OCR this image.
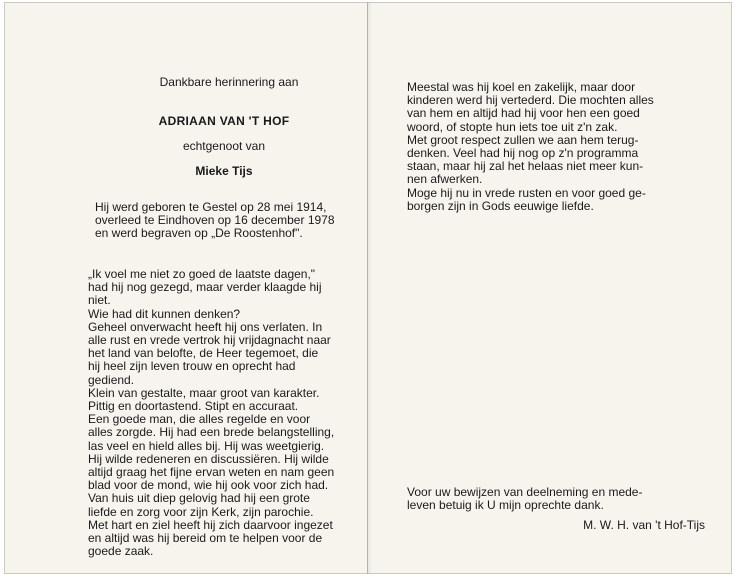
Dankbare herinnering aan
ADRIAAN VAN 'T HOF
echtgenoot van
Mieke Tijs
Hij werd geboren te Gestel op 28 mei 1914,
overleed te Eindhoven op 16 december 1978
en werd begraven op „De Roostenhof".
„Ik voel me niet zo goed de laatste dagen,"
had hij nog gezegd, maar verder klaagde hij
niet.
Wie had dit kunnen denken?
Geheel onverwacht heeft hij ons verlaten. In
alle rust en vrede vertrok hij vrijdagnacht naar
het land van belofte, de Heer tegemoet, die
hij heel zijn leven trouw en oprecht had
gediend.
Klein van gestalte, maar groot van karakter.
Pittig en doortastend. Stipt en accuraat.
Een goede man, die alles regelde en voor
alles zorgde. Hij had een brede belangstelling,
las veel en hield alles bij. Hij was weetgierig.
Hij wilde redeneren en discussiëren. Hij wilde
altijd graag het fijne ervan weten en nam geen
blad voor de mond, wie hij ook voor zich had.
Van huis uit diep gelovig had hij een grote
liefde en zorg voor zijn Kerk, zijn parochie.
Met hart en ziel heeft hij zich daarvoor ingezet
en altijd was hij bereid om te helpen voor de
goede zaak.
Meestal was hij koel en zakelijk, maar door
kinderen werd hij vertederd. Die mochten alles
van hem en altijd had hij voor hen een goed
woord, of stopte hun iets toe uit z'n zak.
Met groot respect zullen we aan hem terug-
denken. Veel had hij nog op z'n programma
staan, maar hij zal het helaas niet meer kun-
nen afwerken.
Moge hij nu in vrede rusten en voor goed ge-
borgen zijn in Gods eeuwige liefde.
Voor uw bewijzen van deelneming en mede-
leven betuig ik U mijn oprechte dank.
M. W. H. van 't Hof-Tijs
